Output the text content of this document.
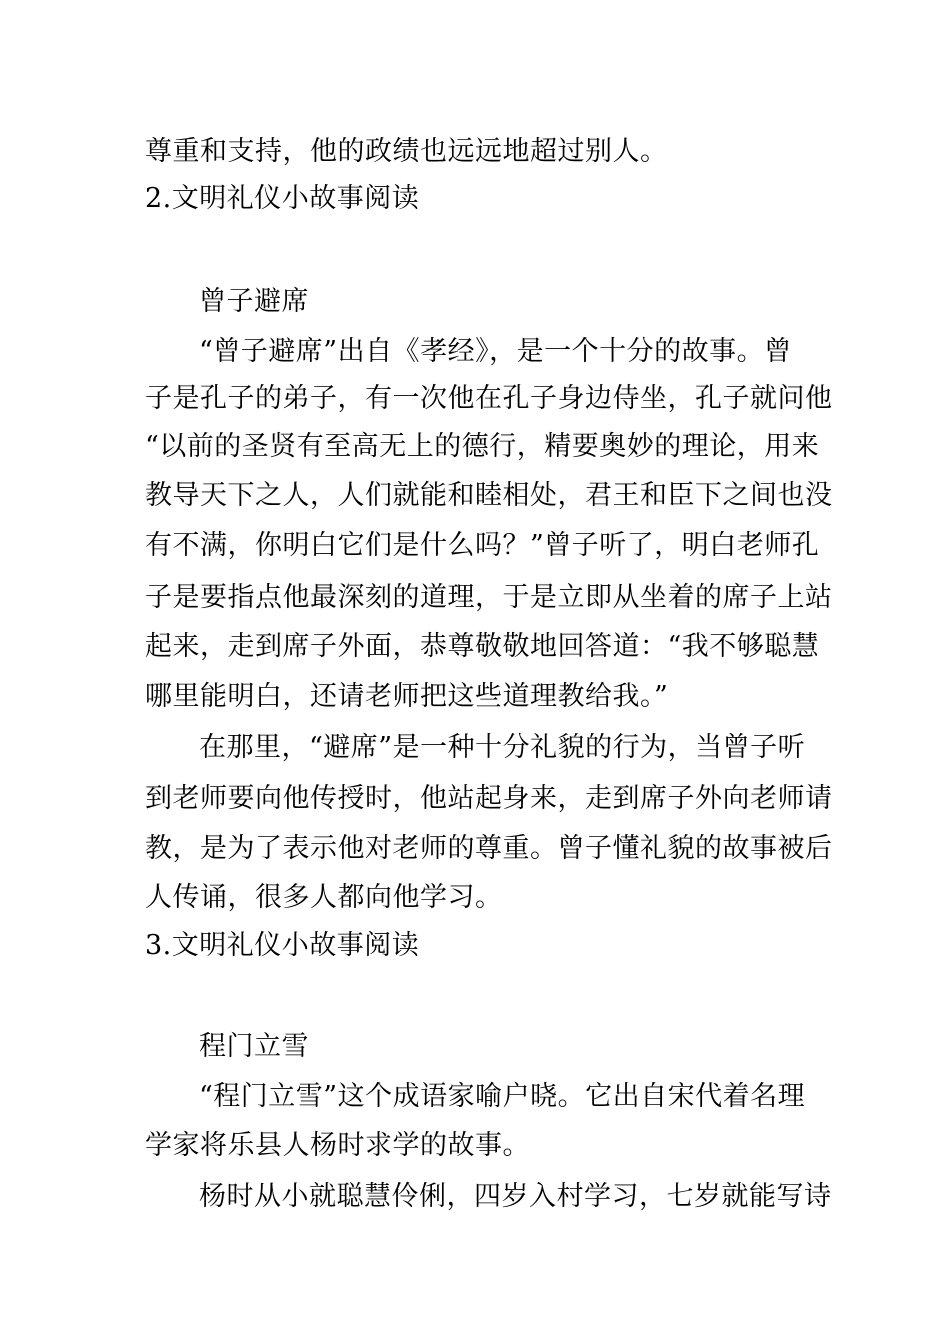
尊重和支持，他的政绩也远远地超过别人。
2.文明礼仪小故事阅读
曾子避席
“曾子避席”出自《孝经》，是一个十分的故事。曾
子是孔子的弟子，有一次他在孔子身边侍坐，孔子就问他
“以前的圣贤有至高无上的德行，精要奥妙的理论，用来
教导天下之人，人们就能和睦相处，君王和臣下之间也没
有不满，你明白它们是什么吗？”曾子听了，明白老师孔
子是要指点他最深刻的道理，于是立即从坐着的席子上站
起来，走到席子外面，恭尊敬敬地回答道：“我不够聪慧
哪里能明白，还请老师把这些道理教给我。”
在那里，“避席”是一种十分礼貌的行为，当曾子听
到老师要向他传授时，他站起身来，走到席子外向老师请
教，是为了表示他对老师的尊重。曾子懂礼貌的故事被后
人传诵，很多人都向他学习。
3.文明礼仪小故事阅读
程门立雪
“程门立雪”这个成语家喻户晓。它出自宋代着名理
学家将乐县人杨时求学的故事。
杨时从小就聪慧伶俐，四岁入村学习，七岁就能写诗
